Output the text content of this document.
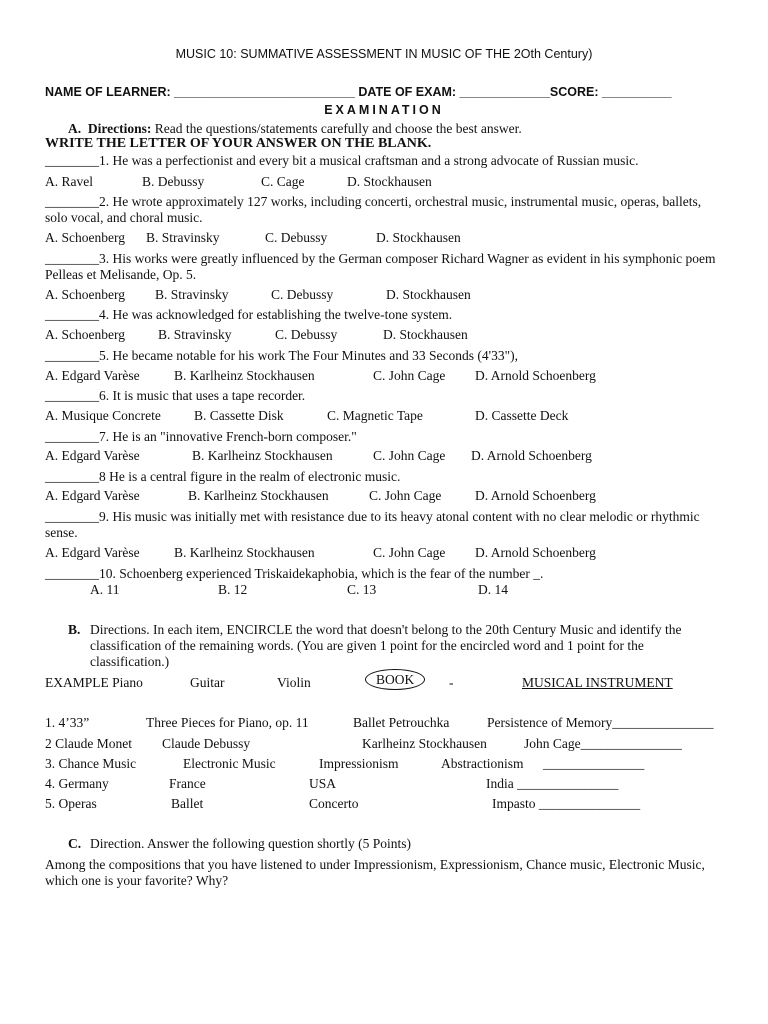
MUSIC 10: SUMMATIVE ASSESSMENT IN MUSIC OF THE 2Oth Century)
NAME OF LEARNER: __________________________ DATE OF EXAM: _____________SCORE: __________
EXAMINATION
A. Directions: Read the questions/statements carefully and choose the best answer.
WRITE THE LETTER OF YOUR ANSWER ON THE BLANK.
________1. He was a perfectionist and every bit a musical craftsman and a strong advocate of Russian music.
A. Ravel	B. Debussy	C. Cage	D. Stockhausen
________2. He wrote approximately 127 works, including concerti, orchestral music, instrumental music, operas, ballets, solo vocal, and choral music.
A. Schoenberg B. Stravinsky	C. Debussy	D. Stockhausen
________3. His works were greatly influenced by the German composer Richard Wagner as evident in his symphonic poem Pelleas et Melisande, Op. 5.
A. Schoenberg B. Stravinsky	C. Debussy	D. Stockhausen
________4. He was acknowledged for establishing the twelve-tone system.
A. Schoenberg B. Stravinsky	C. Debussy	D. Stockhausen
________5. He became notable for his work The Four Minutes and 33 Seconds (4'33"),
A. Edgard Varèse	B. Karlheinz Stockhausen	C. John Cage D. Arnold Schoenberg
________6. It is music that uses a tape recorder.
A. Musique Concrete B. Cassette Disk	C. Magnetic Tape	D. Cassette Deck
________7. He is an "innovative French-born composer."
A. Edgard Varèse	B. Karlheinz Stockhausen	C. John Cage D. Arnold Schoenberg
________8 He is a central figure in the realm of electronic music.
A. Edgard Varèse	B. Karlheinz Stockhausen	C. John Cage D. Arnold Schoenberg
________9. His music was initially met with resistance due to its heavy atonal content with no clear melodic or rhythmic sense.
A. Edgard Varèse	B. Karlheinz Stockhausen	C. John Cage D. Arnold Schoenberg
________10. Schoenberg experienced Triskaidekaphobia, which is the fear of the number _.
A. 11	B. 12	C. 13	D. 14
B. Directions. In each item, ENCIRCLE the word that doesn't belong to the 20th Century Music and identify the classification of the remaining words. (You are given 1 point for the encircled word and 1 point for the classification.)
EXAMPLE Piano	Guitar	Violin	BOOK	-	MUSICAL INSTRUMENT
1. 4’33”	Three Pieces for Piano, op. 11	Ballet Petrouchka	Persistence of Memory_______________
2 Claude Monet Claude Debussy	Karlheinz Stockhausen	John Cage_______________
3. Chance Music	Electronic Music	Impressionism	Abstractionism _______________
4. Germany	France	USA	India _______________
5. Operas	Ballet	Concerto	Impasto _______________
C. Direction. Answer the following question shortly (5 Points)
Among the compositions that you have listened to under Impressionism, Expressionism, Chance music, Electronic Music, which one is your favorite? Why?
